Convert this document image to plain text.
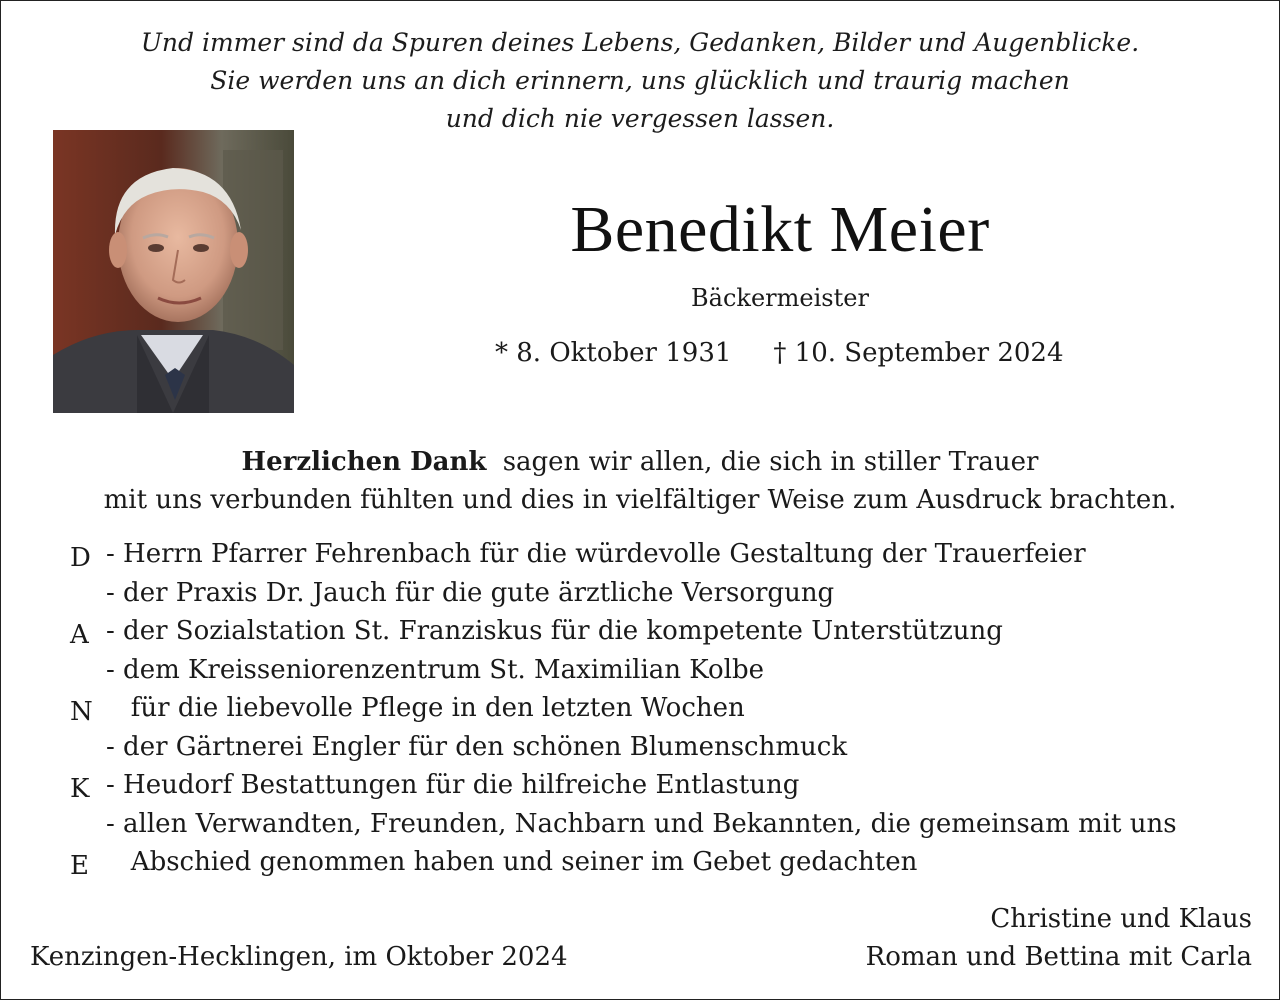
Und immer sind da Spuren deines Lebens, Gedanken, Bilder und Augenblicke.
Sie werden uns an dich erinnern, uns glücklich und traurig machen
und dich nie vergessen lassen.
Benedikt Meier
Bäckermeister
* 8. Oktober 1931 † 10. September 2024
Herzlichen Dank sagen wir allen, die sich in stiller Trauer
mit uns verbunden fühlten und dies in vielfältiger Weise zum Ausdruck brachten.
D - Herrn Pfarrer Fehrenbach für die würdevolle Gestaltung der Trauerfeier
- der Praxis Dr. Jauch für die gute ärztliche Versorgung
A - der Sozialstation St. Franziskus für die kompetente Unterstützung
- dem Kreisseniorenzentrum St. Maximilian Kolbe
N für die liebevolle Pflege in den letzten Wochen
- der Gärtnerei Engler für den schönen Blumenschmuck
K - Heudorf Bestattungen für die hilfreiche Entlastung
- allen Verwandten, Freunden, Nachbarn und Bekannten, die gemeinsam mit uns
E Abschied genommen haben und seiner im Gebet gedachten
Kenzingen-Hecklingen, im Oktober 2024
Christine und Klaus
Roman und Bettina mit Carla
